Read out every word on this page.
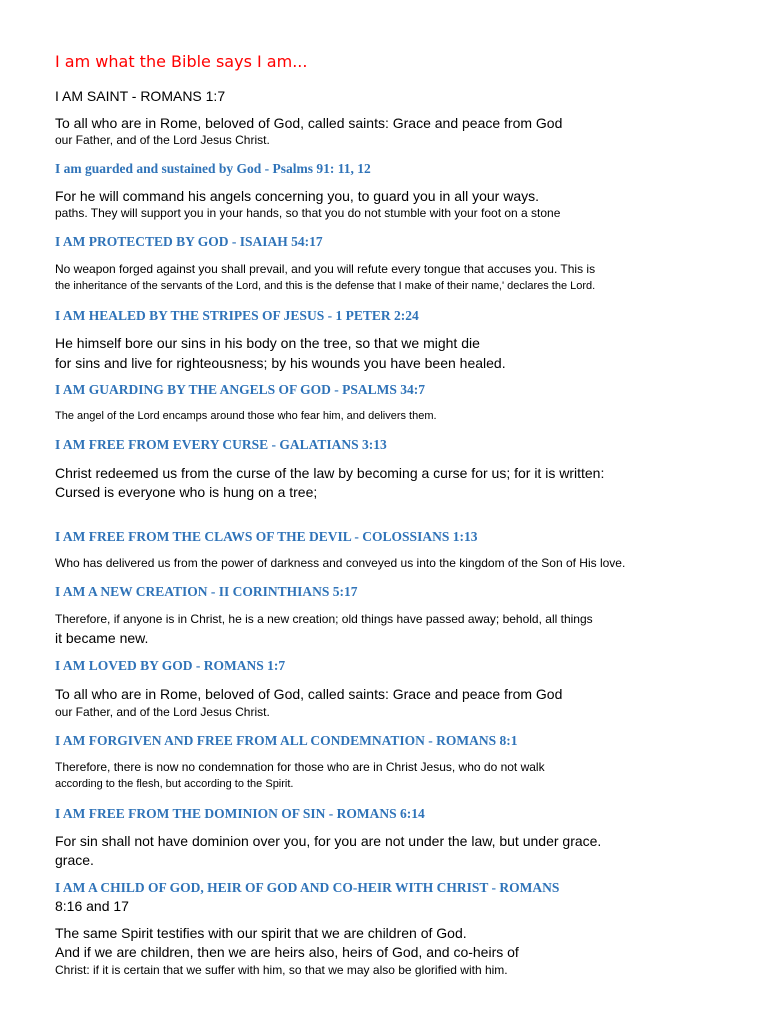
I am what the Bible says I am...
I AM SAINT - ROMANS 1:7
To all who are in Rome, beloved of God, called saints: Grace and peace from God
our Father, and of the Lord Jesus Christ.
I am guarded and sustained by God - Psalms 91: 11, 12
For he will command his angels concerning you, to guard you in all your ways.
paths. They will support you in your hands, so that you do not stumble with your foot on a stone
I AM PROTECTED BY GOD - ISAIAH 54:17
No weapon forged against you shall prevail, and you will refute every tongue that accuses you. This is
the inheritance of the servants of the Lord, and this is the defense that I make of their name,' declares the Lord.
I AM HEALED BY THE STRIPES OF JESUS - 1 PETER 2:24
He himself bore our sins in his body on the tree, so that we might die
for sins and live for righteousness; by his wounds you have been healed.
I AM GUARDING BY THE ANGELS OF GOD - PSALMS 34:7
The angel of the Lord encamps around those who fear him, and delivers them.
I AM FREE FROM EVERY CURSE - GALATIANS 3:13
Christ redeemed us from the curse of the law by becoming a curse for us; for it is written:
Cursed is everyone who is hung on a tree;
I AM FREE FROM THE CLAWS OF THE DEVIL - COLOSSIANS 1:13
Who has delivered us from the power of darkness and conveyed us into the kingdom of the Son of His love.
I AM A NEW CREATION - II CORINTHIANS 5:17
Therefore, if anyone is in Christ, he is a new creation; old things have passed away; behold, all things
it became new.
I AM LOVED BY GOD - ROMANS 1:7
To all who are in Rome, beloved of God, called saints: Grace and peace from God
our Father, and of the Lord Jesus Christ.
I AM FORGIVEN AND FREE FROM ALL CONDEMNATION - ROMANS 8:1
Therefore, there is now no condemnation for those who are in Christ Jesus, who do not walk
according to the flesh, but according to the Spirit.
I AM FREE FROM THE DOMINION OF SIN - ROMANS 6:14
For sin shall not have dominion over you, for you are not under the law, but under grace.
grace.
I AM A CHILD OF GOD, HEIR OF GOD AND CO-HEIR WITH CHRIST - ROMANS
8:16 and 17
The same Spirit testifies with our spirit that we are children of God.
And if we are children, then we are heirs also, heirs of God, and co-heirs of
Christ: if it is certain that we suffer with him, so that we may also be glorified with him.
